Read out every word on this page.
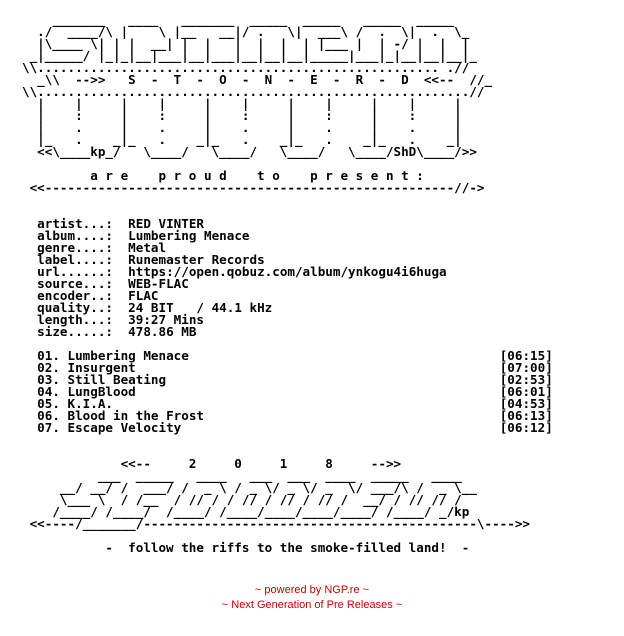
_______   ____   _______  _____  _____   _____  _____
./  ____/\ |    \ |__   __|/ .   \|  ___\ /  .  \|  .  \_
|\____ \| | |  __| |  |   |  |  |  | |___ |  | -/ |  |  |
_|_____/ |_|_|__|___|__|___|__|__|__|_____|___|_|__|__|__|_
\\..................................................... .//
_\\  -->>   S  -  T  -  O  -  N  -  E  -  R  -  D  <<--  //_
\\.........................................................//
|    |     |    |     |    |     |    |     |    |     |
|    :     |    :     |    :     |    :     |    :     |
|    .     |    .     |    .     |    .     |    .     |
|_   .    _|_   .    _|_   .    _|_   .    _|_   .    _|
<<\____kp_/   \____/   \____/   \____/   \____/ShD\____/>>
a r e    p r o u d    t o    p r e s e n t :
<<------------------------------------------------------//->
artist...: RED VINTER
album....: Lumbering Menace
genre....: Metal
label....: Runemaster Records
url......: https://open.qobuz.com/album/ynkogu4i6huga
source...: WEB-FLAC
encoder..: FLAC
quality..: 24 BIT   / 44.1 kHz
length...: 39:27 Mins
size.....: 478.86 MB
01. Lumbering Menace	[06:15]
02. Insurgent	[07:00]
03. Still Beating	[02:53]
04. LungBlood	[06:01]
05. K.I.A.	[04:53]
06. Blood in the Frost	[06:13]
07. Escape Velocity	[06:12]
<<--     2     0     1     8     -->>
___  _____   ____   ___  ___  ____  _____   ____
__/ __/ /  ___/ /  _ \ / _ \/ _ \/ _  \/ ___/\ /  _ \__
\___ \  / /__  / // / / // / // / // /  __/ / // // /
/____/ /____/  /____/ /____/____/____/____/ /____/ _/kp
<<----/_______/--------------------------------------------\---->>
-  follow the riffs to the smoke-filled land!  -
~ powered by NGP.re ~
~ Next Generation of Pre Releases ~
